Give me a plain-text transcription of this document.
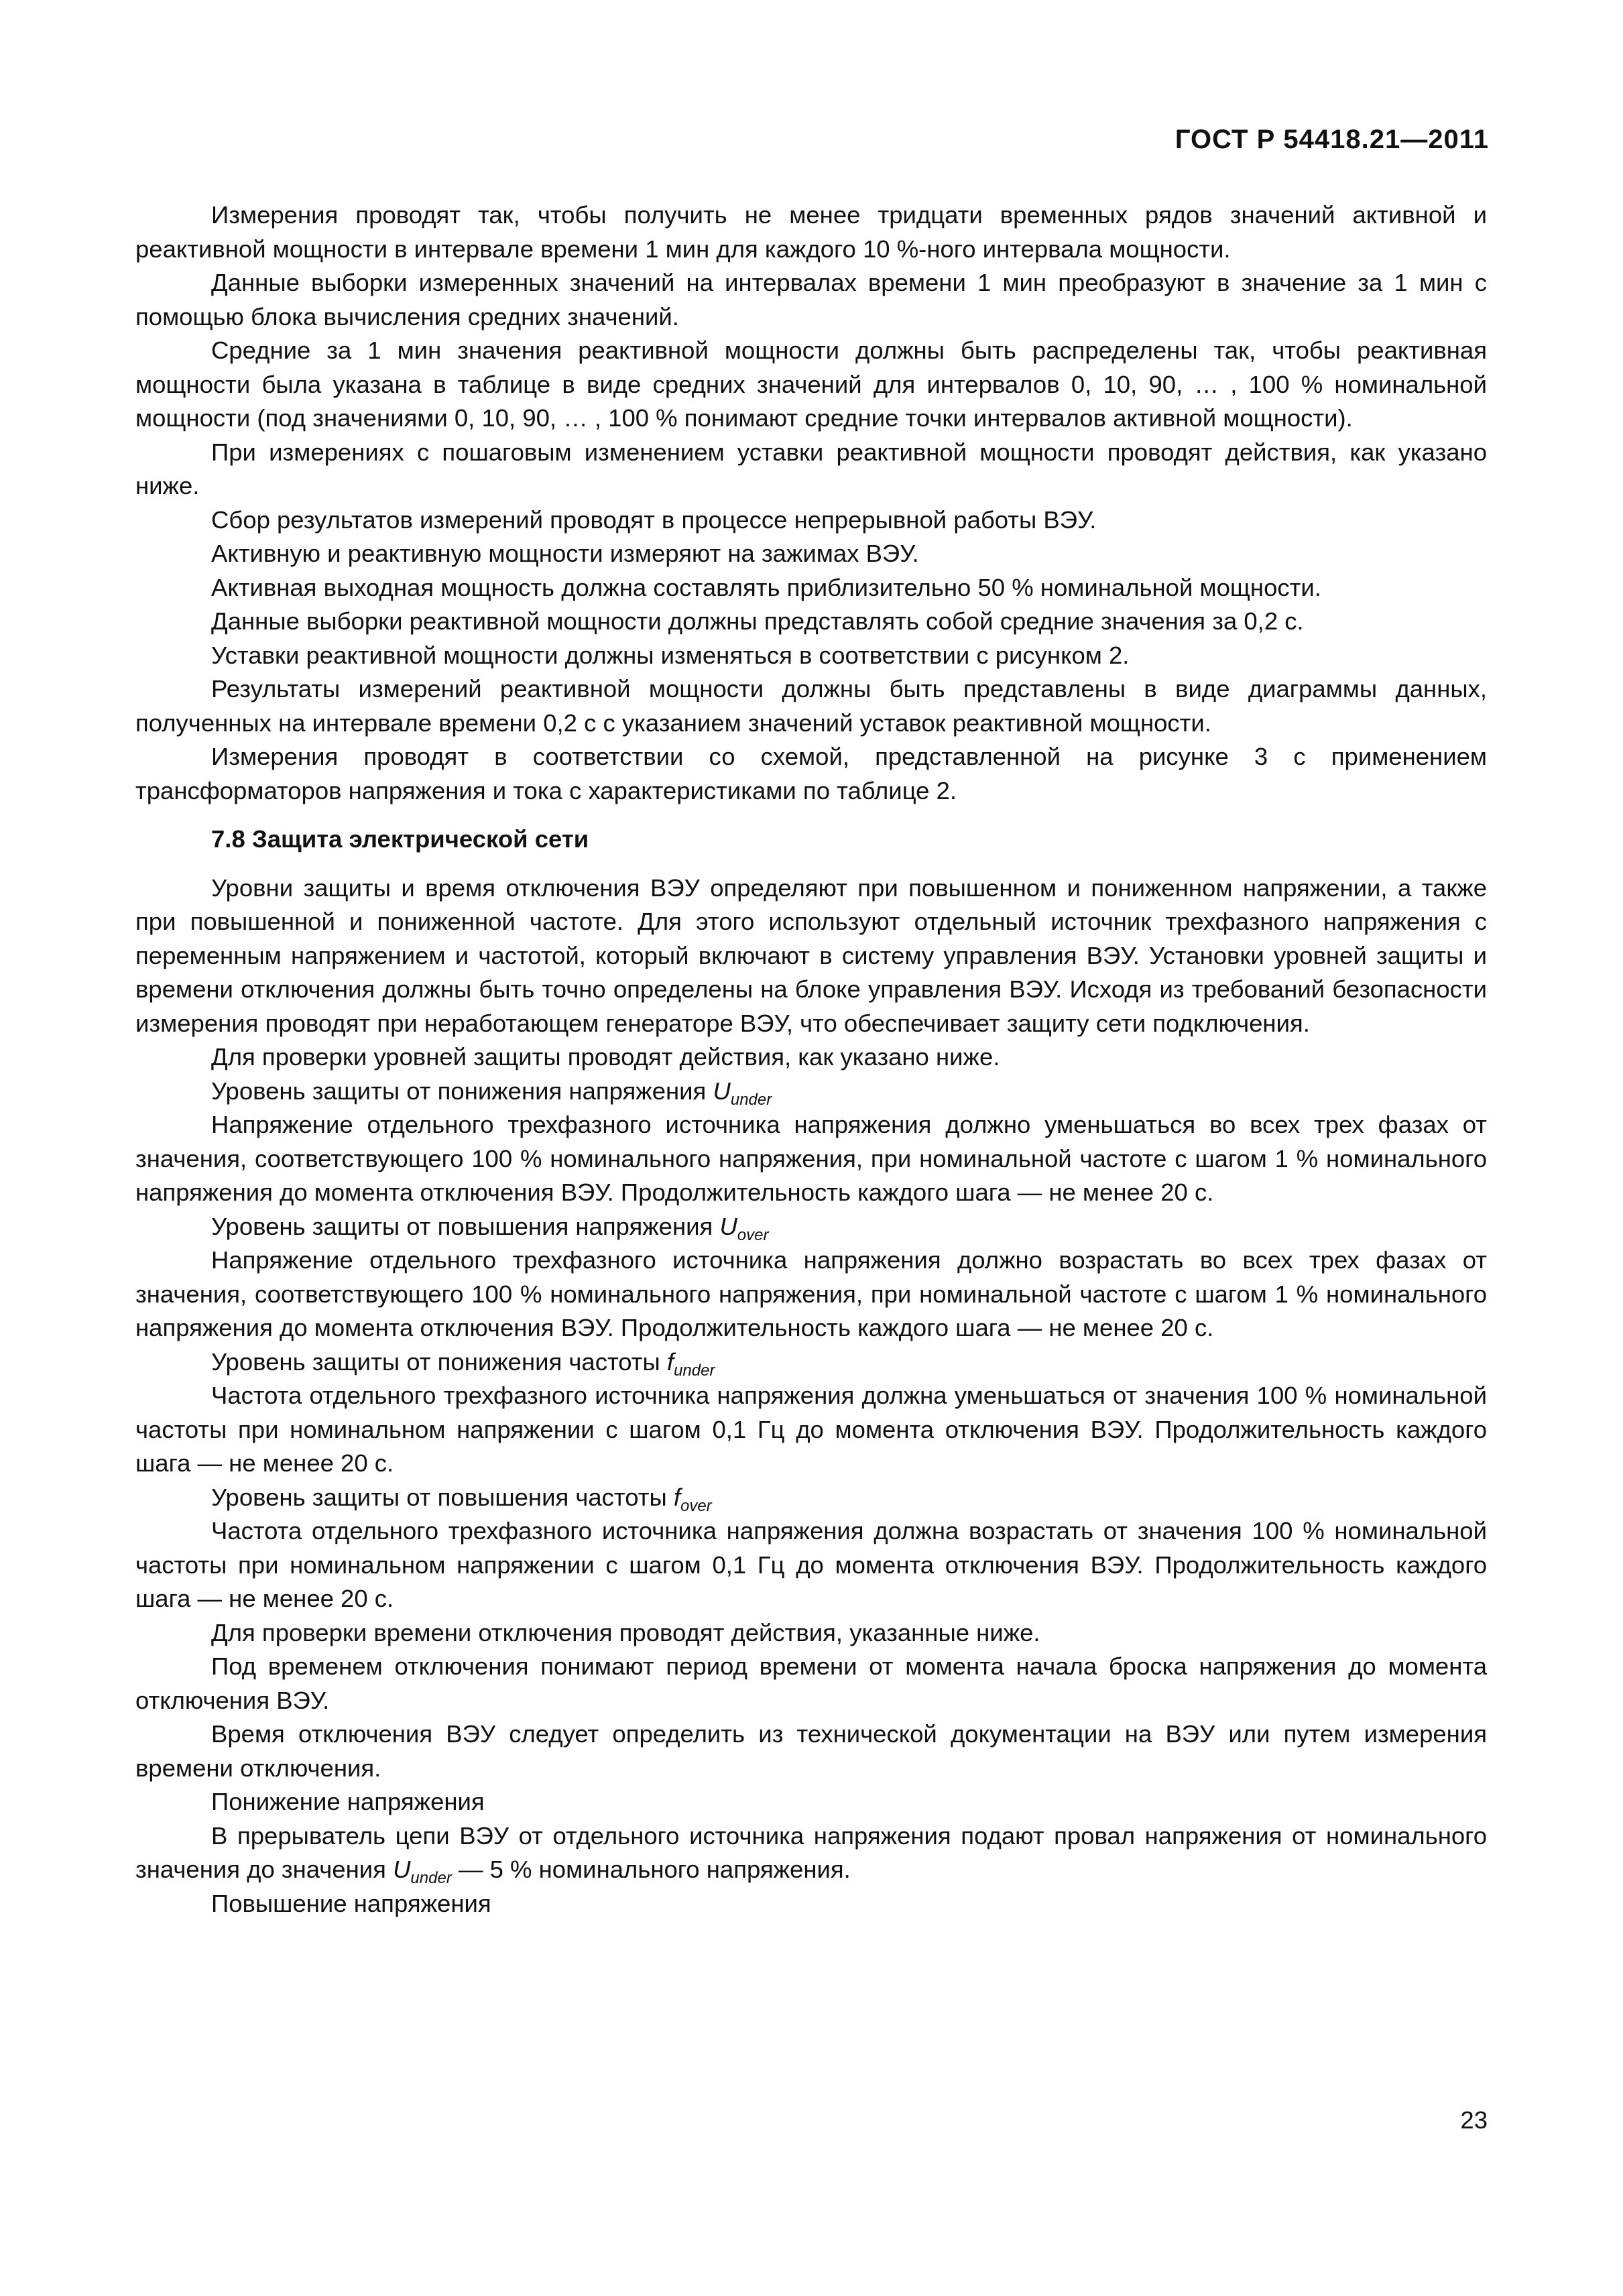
ГОСТ Р 54418.21—2011

Измерения проводят так, чтобы получить не менее тридцати временных рядов значений активной и реактивной мощности в интервале времени 1 мин для каждого 10 %-ного интервала мощности.

Данные выборки измеренных значений на интервалах времени 1 мин преобразуют в значение за 1 мин с помощью блока вычисления средних значений.

Средние за 1 мин значения реактивной мощности должны быть распределены так, чтобы реактивная мощности была указана в таблице в виде средних значений для интервалов 0, 10, 90, … , 100 % номинальной мощности (под значениями 0, 10, 90, … , 100 % понимают средние точки интервалов активной мощности).

При измерениях с пошаговым изменением уставки реактивной мощности проводят действия, как указано ниже.

Сбор результатов измерений проводят в процессе непрерывной работы ВЭУ.

Активную и реактивную мощности измеряют на зажимах ВЭУ.

Активная выходная мощность должна составлять приблизительно 50 % номинальной мощности.

Данные выборки реактивной мощности должны представлять собой средние значения за 0,2 с.

Уставки реактивной мощности должны изменяться в соответствии с рисунком 2.

Результаты измерений реактивной мощности должны быть представлены в виде диаграммы данных, полученных на интервале времени 0,2 с с указанием значений уставок реактивной мощности.

Измерения проводят в соответствии со схемой, представленной на рисунке 3 с применением трансформаторов напряжения и тока с характеристиками по таблице 2.

7.8 Защита электрической сети

Уровни защиты и время отключения ВЭУ определяют при повышенном и пониженном напряжении, а также при повышенной и пониженной частоте. Для этого используют отдельный источник трехфазного напряжения с переменным напряжением и частотой, который включают в систему управления ВЭУ. Установки уровней защиты и времени отключения должны быть точно определены на блоке управления ВЭУ. Исходя из требований безопасности измерения проводят при неработающем генераторе ВЭУ, что обеспечивает защиту сети подключения.

Для проверки уровней защиты проводят действия, как указано ниже.

Уровень защиты от понижения напряжения $U_{under}$

Напряжение отдельного трехфазного источника напряжения должно уменьшаться во всех трех фазах от значения, соответствующего 100 % номинального напряжения, при номинальной частоте с шагом 1 % номинального напряжения до момента отключения ВЭУ. Продолжительность каждого шага — не менее 20 с.

Уровень защиты от повышения напряжения $U_{over}$

Напряжение отдельного трехфазного источника напряжения должно возрастать во всех трех фазах от значения, соответствующего 100 % номинального напряжения, при номинальной частоте с шагом 1 % номинального напряжения до момента отключения ВЭУ. Продолжительность каждого шага — не менее 20 с.

Уровень защиты от понижения частоты $f_{under}$

Частота отдельного трехфазного источника напряжения должна уменьшаться от значения 100 % номинальной частоты при номинальном напряжении с шагом 0,1 Гц до момента отключения ВЭУ. Продолжительность каждого шага — не менее 20 с.

Уровень защиты от повышения частоты $f_{over}$

Частота отдельного трехфазного источника напряжения должна возрастать от значения 100 % номинальной частоты при номинальном напряжении с шагом 0,1 Гц до момента отключения ВЭУ. Продолжительность каждого шага — не менее 20 с.

Для проверки времени отключения проводят действия, указанные ниже.

Под временем отключения понимают период времени от момента начала броска напряжения до момента отключения ВЭУ.

Время отключения ВЭУ следует определить из технической документации на ВЭУ или путем измерения времени отключения.

Понижение напряжения

В прерыватель цепи ВЭУ от отдельного источника напряжения подают провал напряжения от номинального значения до значения $U_{under}$ — 5 % номинального напряжения.

Повышение напряжения

23
